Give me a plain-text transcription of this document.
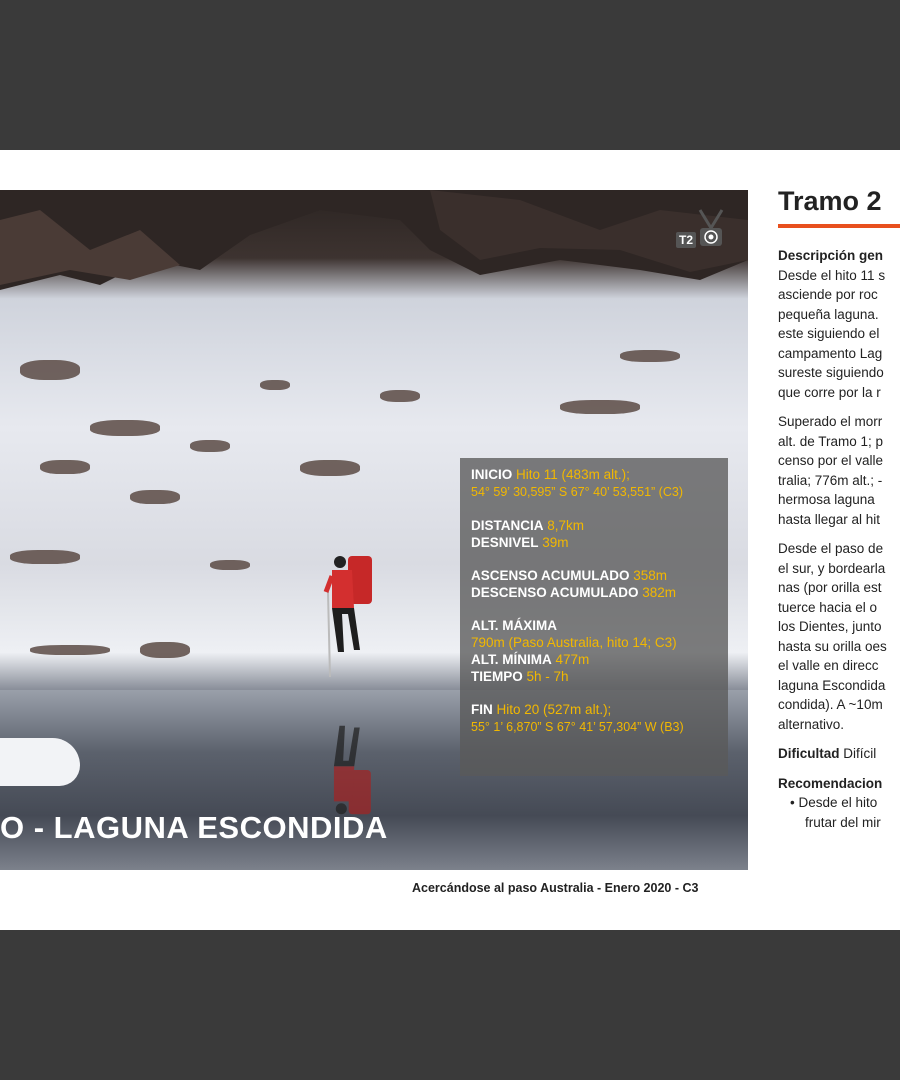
T2
INICIO Hito 11 (483m alt.);
54° 59’ 30,595” S 67° 40’ 53,551” (C3)
DISTANCIA 8,7km
DESNIVEL 39m
ASCENSO ACUMULADO 358m
DESCENSO ACUMULADO 382m
ALT. MÁXIMA
790m (Paso Australia, hito 14; C3)
ALT. MÍNIMA 477m
TIEMPO 5h - 7h
FIN Hito 20 (527m alt.);
55° 1’ 6,870” S 67° 41’ 57,304” W (B3)
O - LAGUNA ESCONDIDA
Acercándose al paso Australia - Enero 2020 - C3
Tramo 2

Descripción gen
Desde el hito 11 s
asciende por roc
pequeña laguna.
este siguiendo el
campamento Lag
sureste siguiendo
que corre por la r

Superado el morr
alt. de Tramo 1; p
censo por el valle
tralia; 776m alt.; -
hermosa laguna
hasta llegar al hit

Desde el paso de
el sur, y bordearla
nas (por orilla est
tuerce hacia el o
los Dientes, junto
hasta su orilla oes
el valle en direcc
laguna Escondida
condida). A ~10m
alternativo.

Dificultad Difícil

Recomendacion
• Desde el hito
frutar del mir
